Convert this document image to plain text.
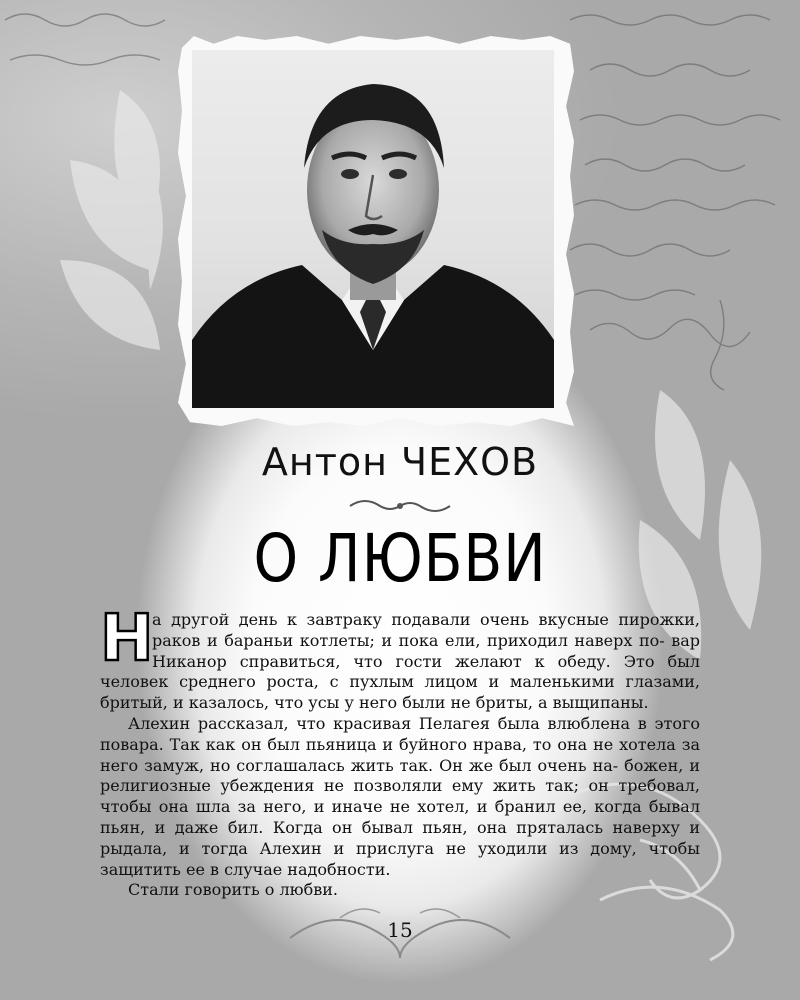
Антон ЧЕХОВ
О ЛЮБВИ
Н

а другой день к завтраку подавали очень вкусные пирожки, раков и бараньи котлеты; и пока ели, приходил наверх по- вар Никанор справиться, что гости желают к обеду. Это был человек среднего роста, с пухлым лицом и маленькими глазами, бритый, и казалось, что усы у него были не бриты, а выщипаны.

Алехин рассказал, что красивая Пелагея была влюблена в этого повара. Так как он был пьяница и буйного нрава, то она не хотела за него замуж, но соглашалась жить так. Он же был очень на- божен, и религиозные убеждения не позволяли ему жить так; он требовал, чтобы она шла за него, и иначе не хотел, и бранил ее, когда бывал пьян, и даже бил. Когда он бывал пьян, она пряталась наверху и рыдала, и тогда Алехин и прислуга не уходили из дому, чтобы защитить ее в случае надобности.

Стали говорить о любви.

15
